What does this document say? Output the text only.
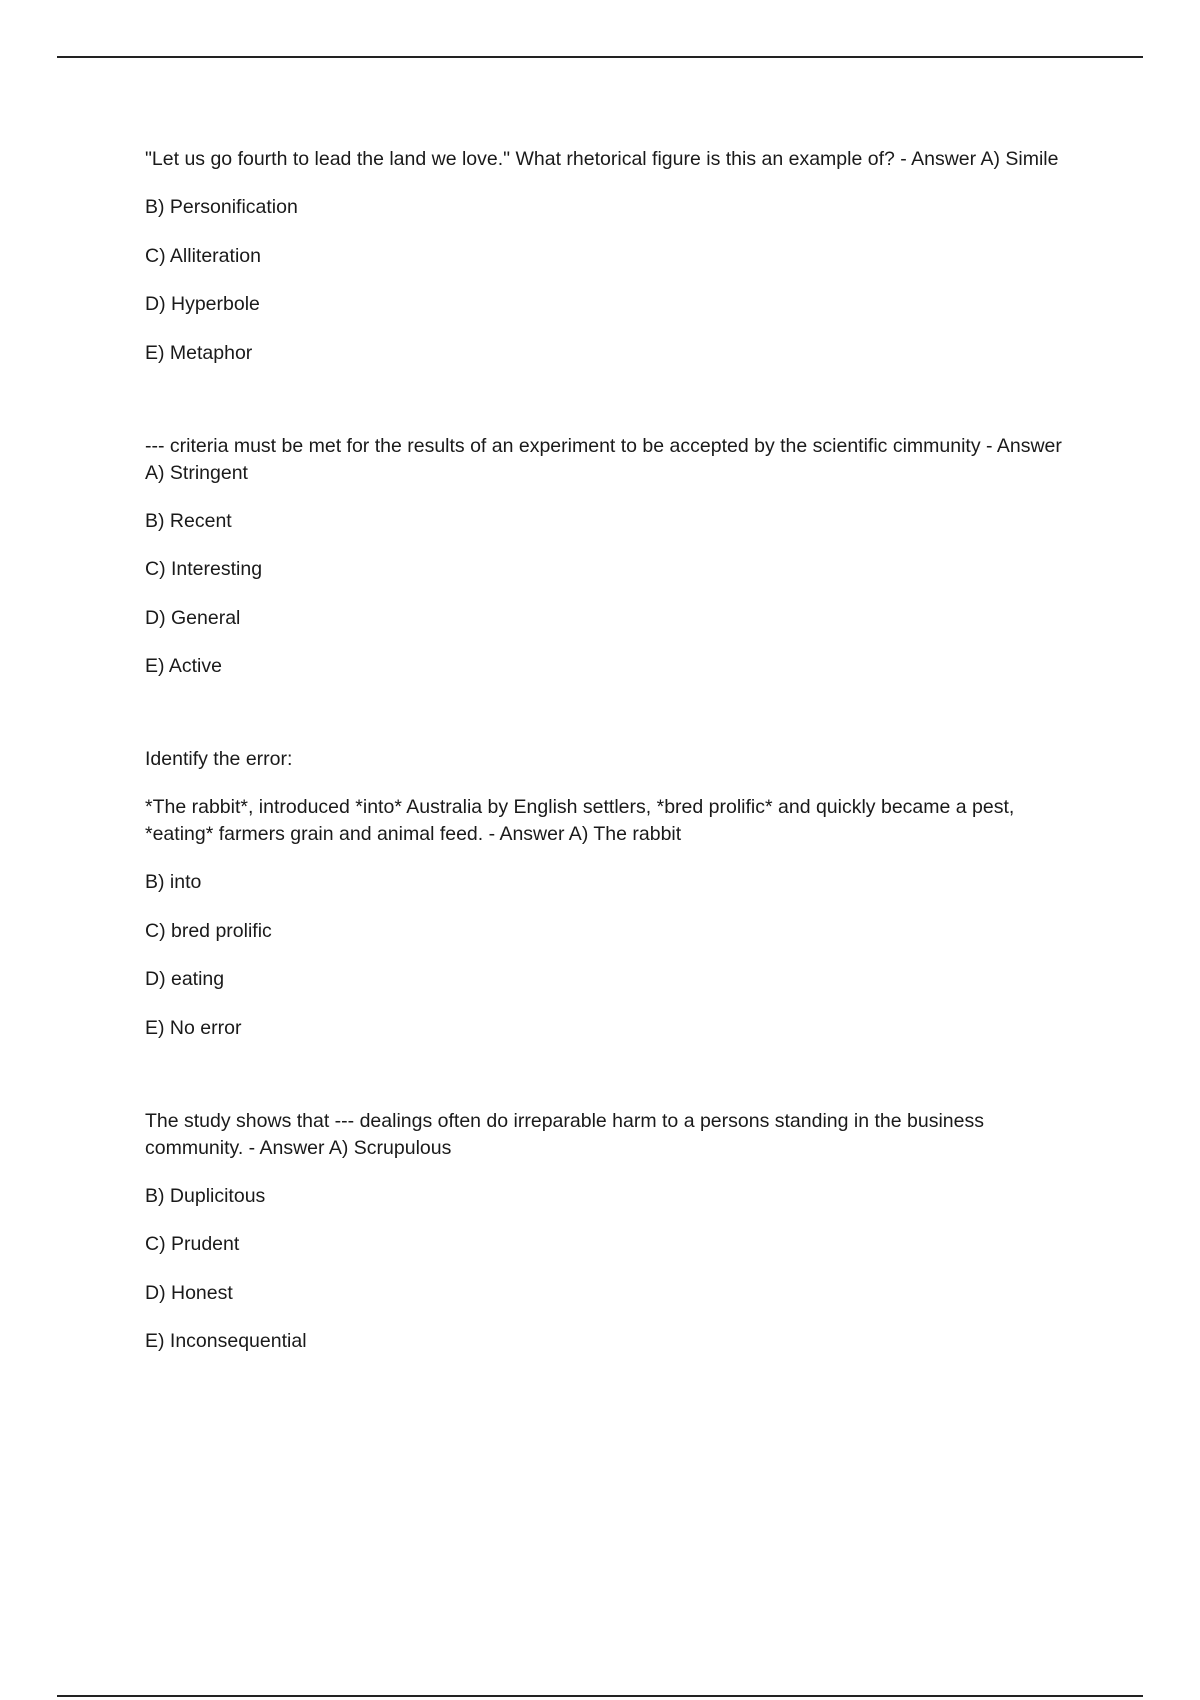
"Let us go fourth to lead the land we love." What rhetorical figure is this an example of? - Answer A) Simile

B) Personification
C) Alliteration
D) Hyperbole
E) Metaphor

--- criteria must be met for the results of an experiment to be accepted by the scientific cimmunity - Answer A) Stringent

B) Recent
C) Interesting
D) General
E) Active

Identify the error:

*The rabbit*, introduced *into* Australia by English settlers, *bred prolific* and quickly became a pest, *eating* farmers grain and animal feed. - Answer A) The rabbit

B) into
C) bred prolific
D) eating
E) No error

The study shows that --- dealings often do irreparable harm to a persons standing in the business community. - Answer A) Scrupulous

B) Duplicitous
C) Prudent
D) Honest
E) Inconsequential
